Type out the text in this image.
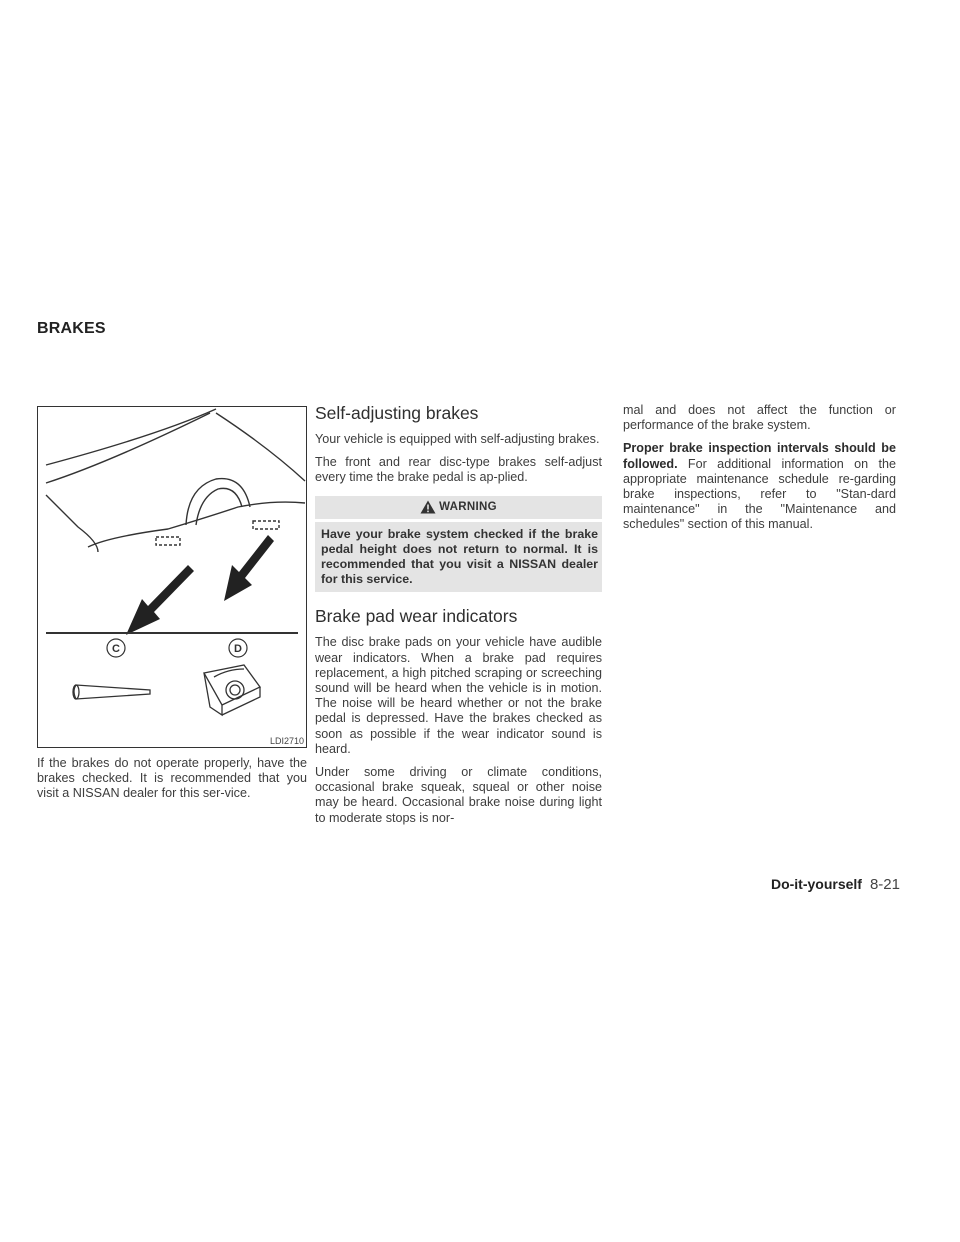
BRAKES
C	D
LDI2710

If the brakes do not operate properly, have the brakes checked. It is recommended that you visit a NISSAN dealer for this ser-vice.

Self-adjusting brakes

Your vehicle is equipped with self-adjusting brakes.

The front and rear disc-type brakes self-adjust every time the brake pedal is ap-plied.

WARNING
Have your brake system checked if the brake pedal height does not return to normal. It is recommended that you visit a NISSAN dealer for this service.
Brake pad wear indicators

The disc brake pads on your vehicle have audible wear indicators. When a brake pad requires replacement, a high pitched scraping or screeching sound will be heard when the vehicle is in motion. The noise will be heard whether or not the brake pedal is depressed. Have the brakes checked as soon as possible if the wear indicator sound is heard.

Under some driving or climate conditions, occasional brake squeak, squeal or other noise may be heard. Occasional brake noise during light to moderate stops is nor-

mal and does not affect the function or performance of the brake system.

Proper brake inspection intervals should be followed. For additional information on the appropriate maintenance schedule re-garding brake inspections, refer to "Stan-dard maintenance" in the "Maintenance and schedules" section of this manual.

Do-it-yourself 8-21
